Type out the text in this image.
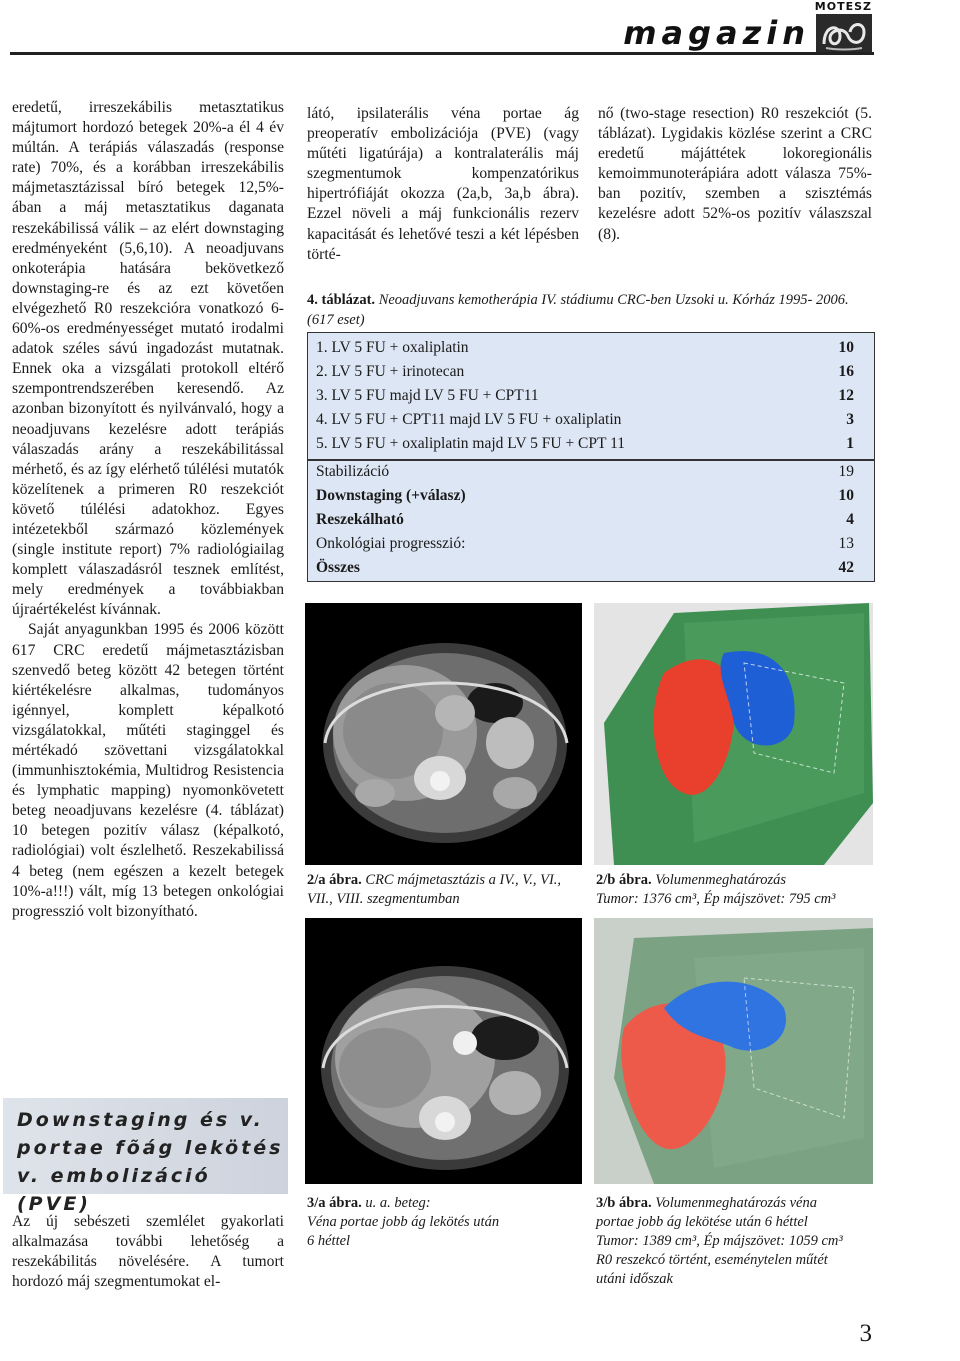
MOTESZ
magazin

eredetű, irreszekábilis metasztatikus májtumort hordozó betegek 20%-a él 4 év múltán. A terápiás válaszadás (response rate) 70%, és a korábban irreszekábilis májmetasztázissal bíró betegek 12,5%-ában a máj metasztatikus daganata reszekábilissá válik – az elért downstaging eredményeként (5,6,10). A neoadjuvans onkoterápia hatására bekövetkező downstaging-re és az ezt követően elvégezhető R0 reszekcióra vonatkozó 6-60%-os eredményességet mutató irodalmi adatok széles sávú ingadozást mutatnak. Ennek oka a vizsgálati protokoll eltérő szempontrendszerében keresendő. Az azonban bizonyított és nyilvánvaló, hogy a neoadjuvans kezelésre adott terápiás válaszadás arány a reszekábilitással mérhető, és az így elérhető túlélési mutatók közelítenek a primeren R0 reszekciót követő túlélési adatokhoz. Egyes intézetekből származó közlemények (single institute report) 7% radiológiailag komplett válaszadásról tesznek említést, mely eredmények a továbbiakban újraértékelést kívánnak.

Saját anyagunkban 1995 és 2006 között 617 CRC eredetű májmetasztázisban szenvedő beteg között 42 betegen történt kiértékelésre alkalmas, tudományos igénnyel, komplett képalkotó vizsgálatokkal, műtéti staginggel és mértékadó szövettani vizsgálatokkal (immunhisztokémia, Multidrog Resistencia és lymphatic mapping) nyomonkövetett beteg neoadjuvans kezelésre (4. táblázat) 10 betegen pozitív válasz (képalkotó, radiológiai) volt észlelhető. Reszekabilissá 4 beteg (nem egészen a kezelt betegek 10%-a!!!) vált, míg 13 betegen onkológiai progresszió volt bizonyítható.

látó, ipsilaterális véna portae ág preoperatív embolizációja (PVE) (vagy műtéti ligatúrája) a kontralaterális máj szegmentumok kompenzatórikus hipertrófiáját okozza (2a,b, 3a,b ábra). Ezzel növeli a máj funkcionális rezerv kapacitását és lehetővé teszi a két lépésben törté-

nő (two-stage resection) R0 reszekciót (5. táblázat). Lygidakis közlése szerint a CRC eredetű májáttétek lokoregionális kemoimmunoterápiára adott válasza 75%-ban pozitív, szemben a szisztémás kezelésre adott 52%-os pozitív válaszszal (8).

4. táblázat. Neoadjuvans kemotherápia IV. stádiumu CRC-ben Uzsoki u. Kórház 1995- 2006. (617 eset)
1. LV 5 FU + oxaliplatin	10
2. LV 5 FU + irinotecan	16
3. LV 5 FU majd LV 5 FU + CPT11	12
4. LV 5 FU + CPT11 majd LV 5 FU + oxaliplatin	3
5. LV 5 FU + oxaliplatin majd LV 5 FU + CPT 11	1
Stabilizáció	19
Downstaging (+válasz)	10
Reszekálható	4
Onkológiai progresszió:	13
Összes	42
2/a ábra. CRC májmetasztázis a IV., V., VI., VII., VIII. szegmentumban
2/b ábra. Volumenmeghatározás
Tumor: 1376 cm³, Ép májszövet: 795 cm³
3/a ábra. u. a. beteg:
Véna portae jobb ág lekötés után
6 héttel
3/b ábra. Volumenmeghatározás véna
portae jobb ág lekötése után 6 héttel
Tumor: 1389 cm³, Ép májszövet: 1059 cm³
R0 reszekcó történt, eseménytelen műtét
utáni időszak
Downstaging és v.
portae fõág lekötés
v. embolizáció (PVE)
Az új sebészeti szemlélet gyakorlati alkalmazása további lehetőség a reszekábilitás növelésére. A tumort hordozó máj szegmentumokat el-
3
